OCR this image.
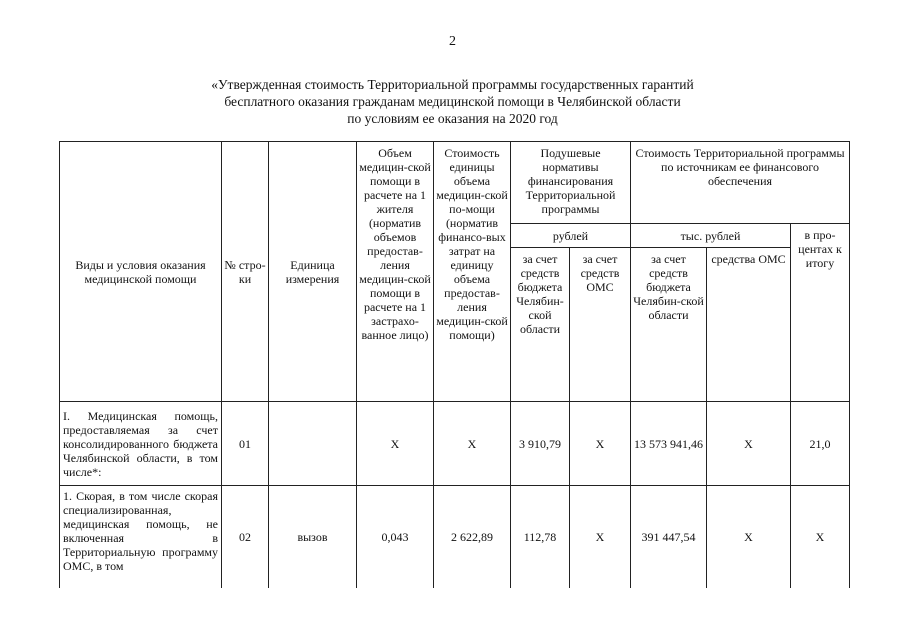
2
«Утвержденная стоимость Территориальной программы государственных гарантий
бесплатного оказания гражданам медицинской помощи в Челябинской области
по условиям ее оказания на 2020 год
Виды и условия оказания медицинской помощи	№ стро-ки	Единица измерения	Объем медицин-ской помощи в расчете на 1 жителя (норматив объемов предостав-ления медицин-ской помощи в расчете на 1 застрахо-ванное лицо)	Стоимость единицы объема медицин-ской по-мощи (норматив финансо-вых затрат на единицу объема предостав-ления медицин-ской помощи)	Подушевые нормативы финансирования Территориальной программы		Стоимость Территориальной программы по источникам ее финансового обеспечения		
					рублей		тыс. рублей		в про-центах к итогу
					за счет средств бюджета Челябин-ской области	за счет средств ОМС	за счет средств бюджета Челябин-ской области	средства ОМС	
I. Медицинская помощь, предоставляемая за счет консолидированного бюджета Челябинской области, в том числе*:	01		X	X	3 910,79	X	13 573 941,46	X	21,0

1. Скорая, в том числе скорая специализированная, медицинская помощь, не включенная в Территориальную программу ОМС, в том	02	вызов	0,043	2 622,89	112,78	X	391 447,54	X	X
